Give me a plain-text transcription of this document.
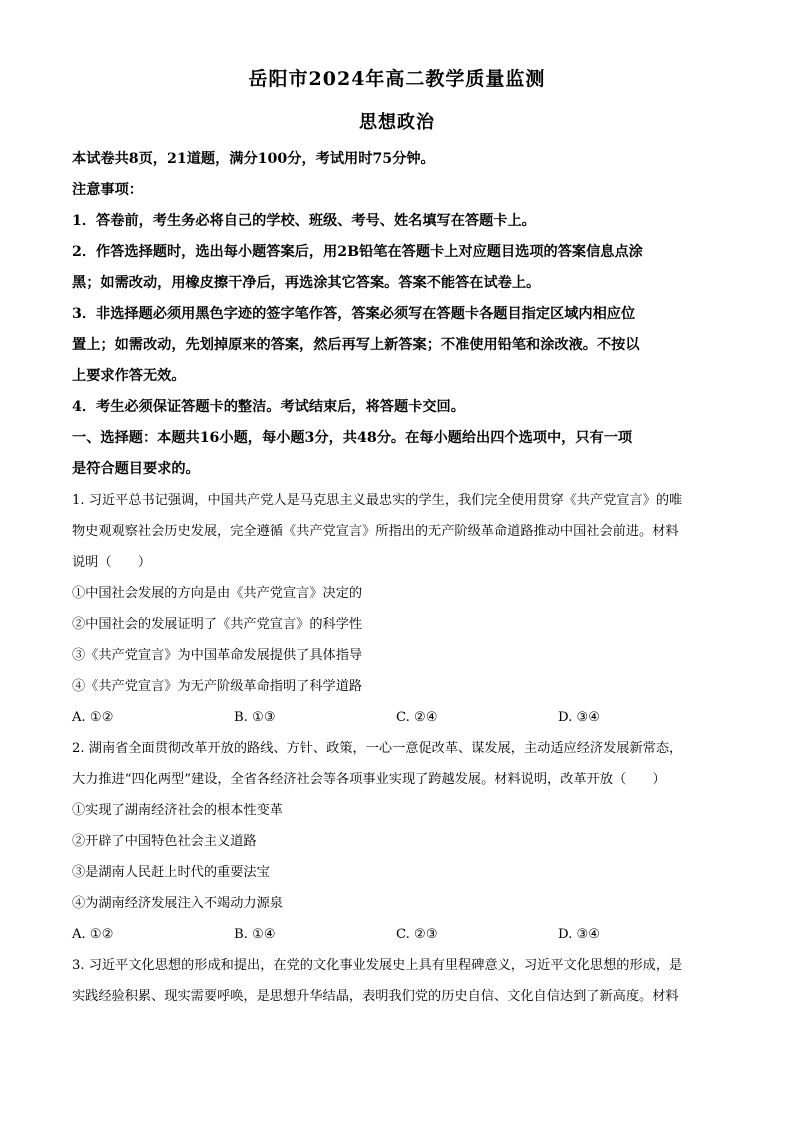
岳阳市2024年高二教学质量监测
思想政治

本试卷共8页，21道题，满分100分，考试用时75分钟。

注意事项：

1．答卷前，考生务必将自己的学校、班级、考号、姓名填写在答题卡上。

2．作答选择题时，选出每小题答案后，用2B铅笔在答题卡上对应题目选项的答案信息点涂

黑；如需改动，用橡皮擦干净后，再选涂其它答案。答案不能答在试卷上。

3．非选择题必须用黑色字迹的签字笔作答，答案必须写在答题卡各题目指定区域内相应位

置上；如需改动，先划掉原来的答案，然后再写上新答案；不准使用铅笔和涂改液。不按以

上要求作答无效。

4．考生必须保证答题卡的整洁。考试结束后，将答题卡交回。

一、选择题：本题共16小题，每小题3分，共48分。在每小题给出四个选项中，只有一项

是符合题目要求的。

1. 习近平总书记强调，中国共产党人是马克思主义最忠实的学生，我们完全使用贯穿《共产党宣言》的唯

物史观观察社会历史发展，完全遵循《共产党宣言》所指出的无产阶级革命道路推动中国社会前进。材料

说明（　　）

①中国社会发展的方向是由《共产党宣言》决定的

②中国社会的发展证明了《共产党宣言》的科学性

③《共产党宣言》为中国革命发展提供了具体指导

④《共产党宣言》为无产阶级革命指明了科学道路

A. ①②	B. ①③	C. ②④	D. ③④

2. 湖南省全面贯彻改革开放的路线、方针、政策，一心一意促改革、谋发展，主动适应经济发展新常态，

大力推进“四化两型”建设，全省各经济社会等各项事业实现了跨越发展。材料说明，改革开放（　　）

①实现了湖南经济社会的根本性变革

②开辟了中国特色社会主义道路

③是湖南人民赶上时代的重要法宝

④为湖南经济发展注入不竭动力源泉

A. ①②	B. ①④	C. ②③	D. ③④

3. 习近平文化思想的形成和提出，在党的文化事业发展史上具有里程碑意义，习近平文化思想的形成，是

实践经验积累、现实需要呼唤，是思想升华结晶，表明我们党的历史自信、文化自信达到了新高度。材料
